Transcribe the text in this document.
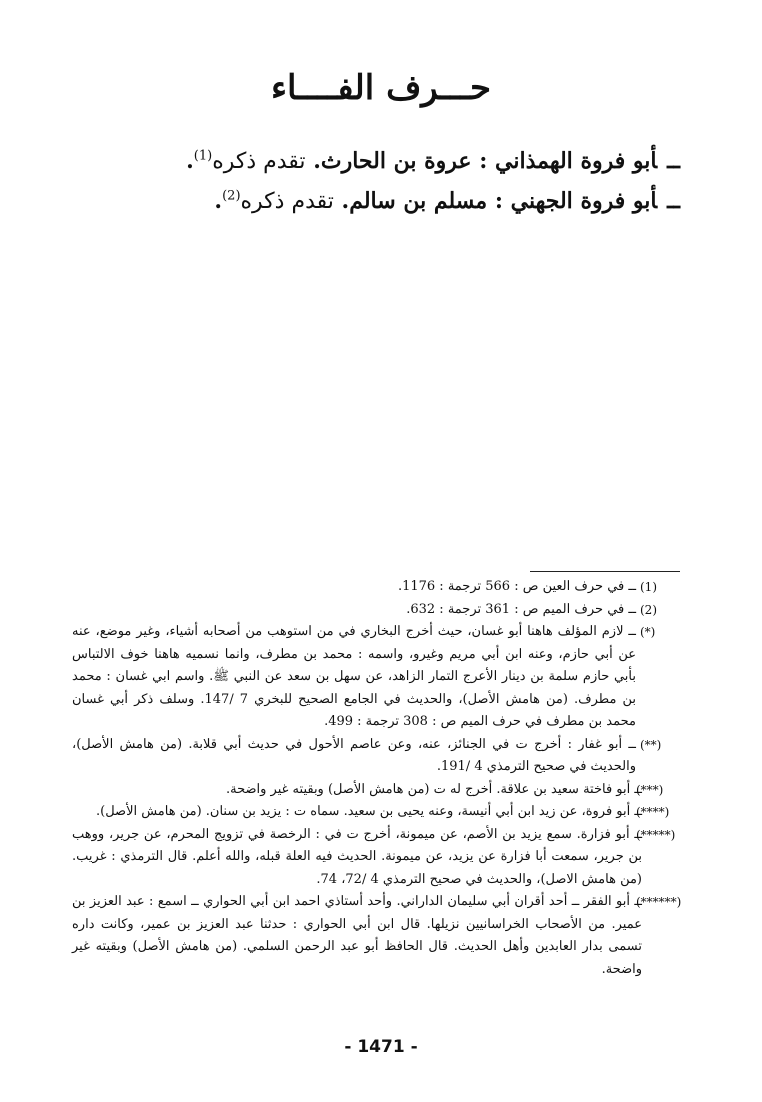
حـــرف الفــــاء
ــأبو فروة الهمذاني : عروة بن الحارث. تقدم ذكره$^{(1)}$.
ــأبو فروة الجهني : مسلم بن سالم. تقدم ذكره$^{(2)}$.
(1)
ــ في حرف العين ص : 566 ترجمة : 1176.
(2)
ــ في حرف الميم ص : 361 ترجمة : 632.
(*)
ــ لازم المؤلف هاهنا أبو غسان، حيث أخرج البخاري في من استوهب من أصحابه أشياء، وغير موضع، عنه عن أبي حازم، وعنه ابن أبي مريم وغيرو، واسمه : محمد بن مطرف، وانما نسميه هاهنا خوف الالتباس بأبي حازم سلمة بن دينار الأعرج التمار الزاهد، عن سهل بن سعد عن النبي ﷺ. واسم ابي غسان : محمد بن مطرف. (من هامش الأصل)، والحديث في الجامع الصحيح للبخري 7 /147. وسلف ذكر أبي غسان محمد بن مطرف في حرف الميم ص : 308 ترجمة : 499.
(**)
ــ أبو غفار : أخرج ت في الجنائز، عنه، وعن عاصم الأحول في حديث أبي قلابة. (من هامش الأصل)، والحديث في صحيح الترمذي 4 /191.
(***)
ــ أبو فاختة سعيد بن علاقة. أخرج له ت (من هامش الأصل) وبقيته غير واضحة.
(****)
ــ أبو فروة، عن زيد ابن أبي أنيسة، وعنه يحيى بن سعيد. سماه ت : يزيد بن سنان. (من هامش الأصل).
(*****)
ــ أبو فزارة. سمع يزيد بن الأصم، عن ميمونة، أخرج ت في : الرخصة في تزويج المحرم، عن جرير، ووهب بن جرير، سمعت أبا فزارة عن يزيد، عن ميمونة. الحديث فيه العلة قبله، والله أعلم. قال الترمذي : غريب. (من هامش الاصل)، والحديث في صحيح الترمذي 4 /72، 74.
(******)
ــ أبو الفقر ــ أحد أقران أبي سليمان الداراني. وأحد أستاذي احمد ابن أبي الحواري ــ اسمع : عبد العزيز بن عمير. من الأصحاب الخراسانيين نزيلها. قال ابن أبي الحواري : حدثنا عبد العزيز بن عمير، وكانت داره تسمى بدار العابدين وأهل الحديث. قال الحافظ أبو عبد الرحمن السلمي. (من هامش الأصل) وبقيته غير واضحة.
- 1471 -
